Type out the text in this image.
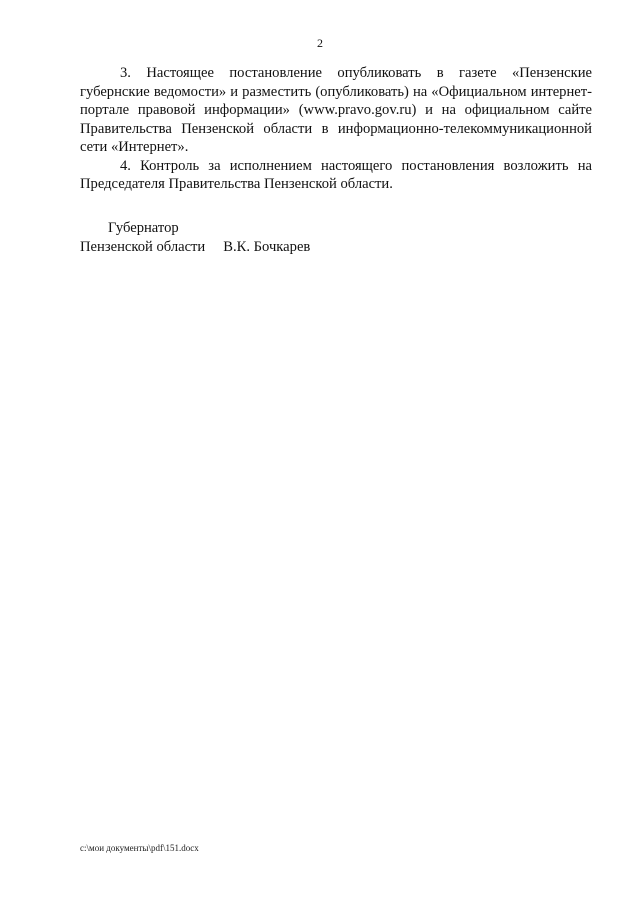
2

3. Настоящее постановление опубликовать в газете «Пензенские губернские ведомости» и разместить (опубликовать) на «Официальном интернет-портале правовой информации» (www.pravo.gov.ru) и на официальном сайте Правительства Пензенской области в информационно-телекоммуникационной сети «Интернет».

4. Контроль за исполнением настоящего постановления возложить на Председателя Правительства Пензенской области.

Губернатор
Пензенской области В.К. Бочкарев
c:\мои документы\pdf\151.docx
